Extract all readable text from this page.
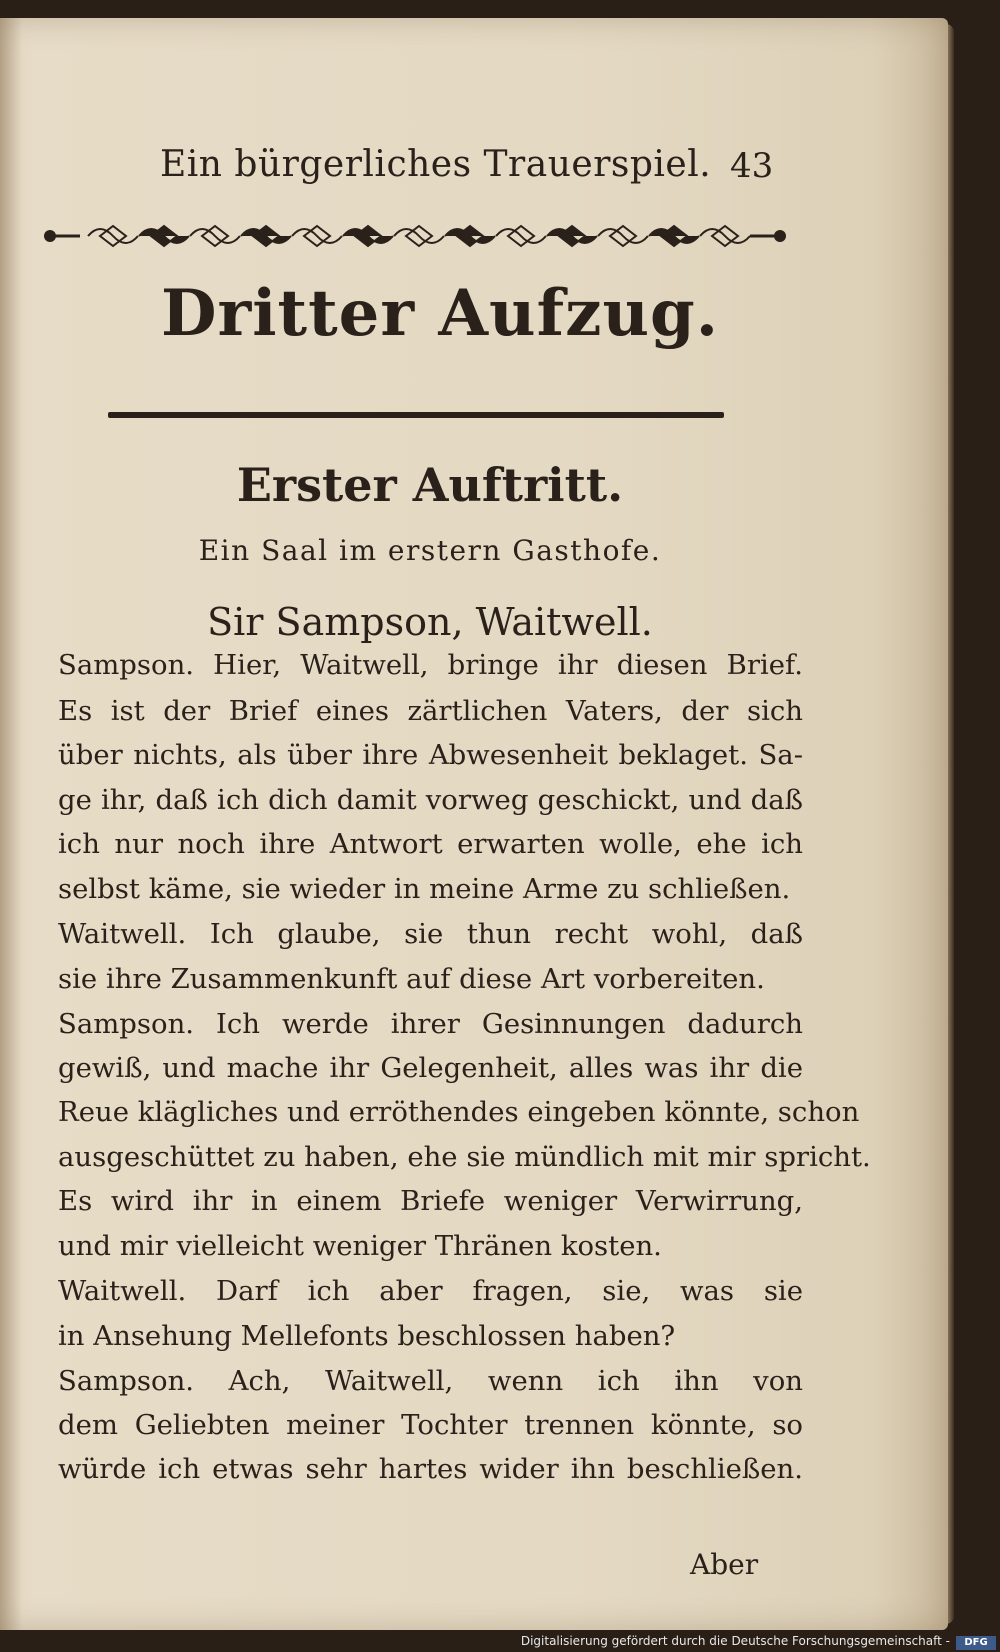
Ein bürgerliches Trauerspiel. 43
Dritter Aufzug.
Erster Auftritt.
Ein Saal im erstern Gasthofe.
Sir Sampson, Waitwell.
Sampson. Hier, Waitwell, bringe ihr diesen Brief.
Es ist der Brief eines zärtlichen Vaters, der sich
über nichts, als über ihre Abwesenheit beklaget. Sa-
ge ihr, daß ich dich damit vorweg geschickt, und daß
ich nur noch ihre Antwort erwarten wolle, ehe ich
selbst käme, sie wieder in meine Arme zu schließen.
Waitwell. Ich glaube, sie thun recht wohl, daß
sie ihre Zusammenkunft auf diese Art vorbereiten.
Sampson. Ich werde ihrer Gesinnungen dadurch
gewiß, und mache ihr Gelegenheit, alles was ihr die
Reue klägliches und erröthendes eingeben könnte, schon
ausgeschüttet zu haben, ehe sie mündlich mit mir spricht.
Es wird ihr in einem Briefe weniger Verwirrung,
und mir vielleicht weniger Thränen kosten.
Waitwell. Darf ich aber fragen, sie, was sie
in Ansehung Mellefonts beschlossen haben?
Sampson. Ach, Waitwell, wenn ich ihn von
dem Geliebten meiner Tochter trennen könnte, so
würde ich etwas sehr hartes wider ihn beschließen.
Aber
Digitalisierung gefördert durch die Deutsche Forschungsgemeinschaft -	DFG
